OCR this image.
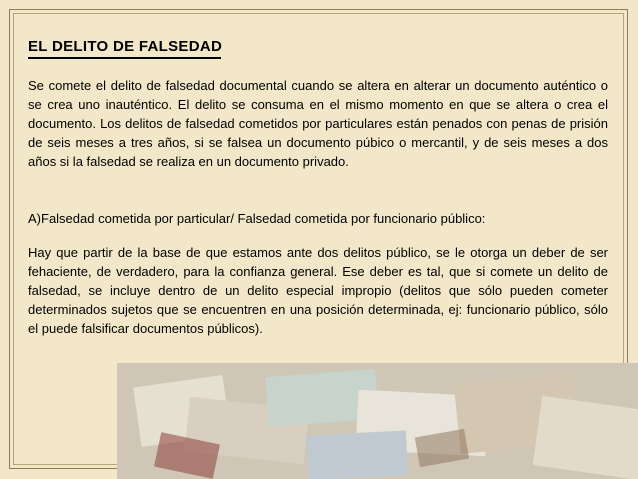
EL DELITO DE FALSEDAD

Se comete el delito de falsedad documental cuando se altera en alterar un documento auténtico o se crea uno inauténtico. El delito se consuma en el mismo momento en que se altera o crea el documento. Los delitos de falsedad cometidos por particulares están penados con penas de prisión de seis meses a tres años, si se falsea un documento púbico o mercantil, y de seis meses a dos años si la falsedad se realiza en un documento privado.

A)Falsedad cometida por particular/ Falsedad cometida por funcionario público:

Hay que partir de la base de que estamos ante dos delitos público, se le otorga un deber de ser fehaciente, de verdadero, para la confianza general. Ese deber es tal, que si comete un delito de falsedad, se incluye dentro de un delito especial impropio (delitos que sólo pueden cometer determinados sujetos que se encuentren en una posición determinada, ej: funcionario público, sólo el puede falsificar documentos públicos).
